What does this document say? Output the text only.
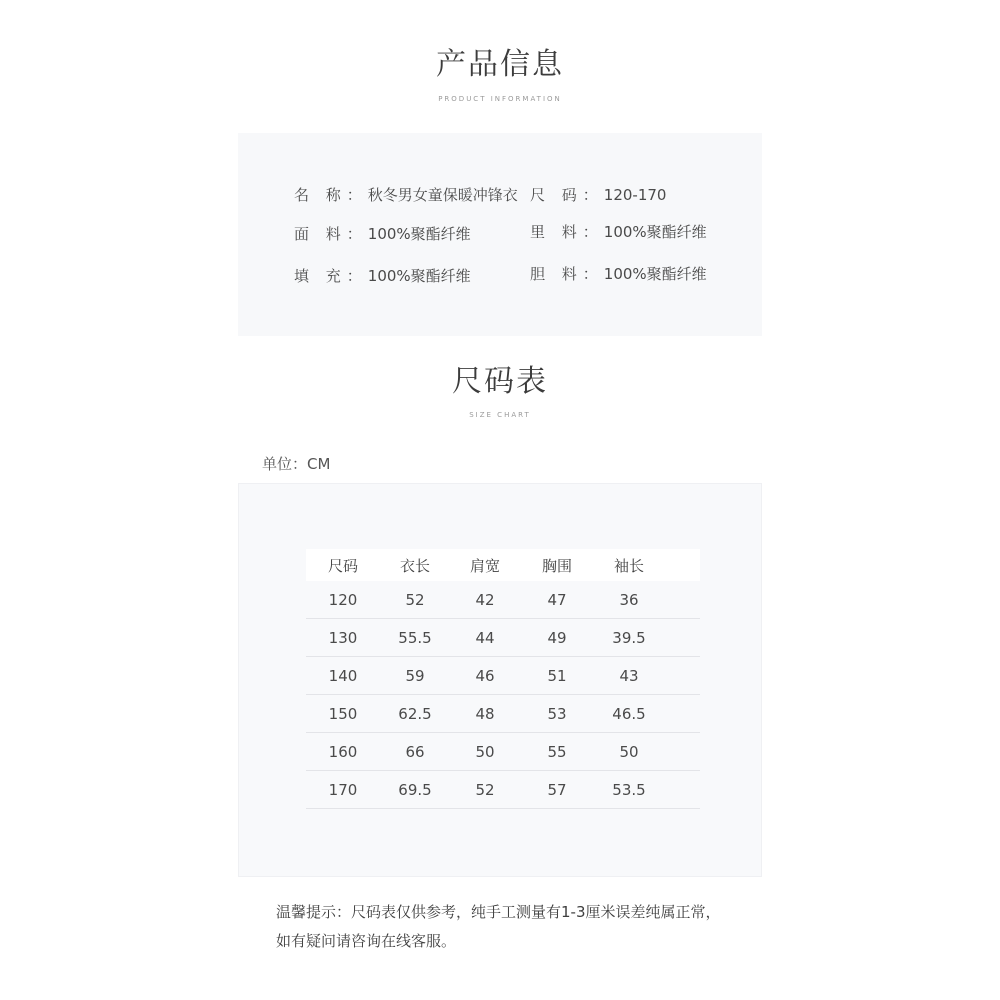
产品信息
PRODUCT INFORMATION
名 称：秋冬男女童保暖冲锋衣 尺 码：120-170
面 料：100%聚酯纤维	里 料：100%聚酯纤维
填 充：100%聚酯纤维	胆 料：100%聚酯纤维
尺码表
SIZE CHART
单位：CM
尺码	衣长	肩宽	胸围	袖长	
120	52	42	47	36	
130	55.5	44	49	39.5	
140	59	46	51	43	
150	62.5	48	53	46.5	
160	66	50	55	50	
170	69.5	52	57	53.5	
温馨提示：尺码表仅供参考，纯手工测量有1-3厘米误差纯属正常，
如有疑问请咨询在线客服。
